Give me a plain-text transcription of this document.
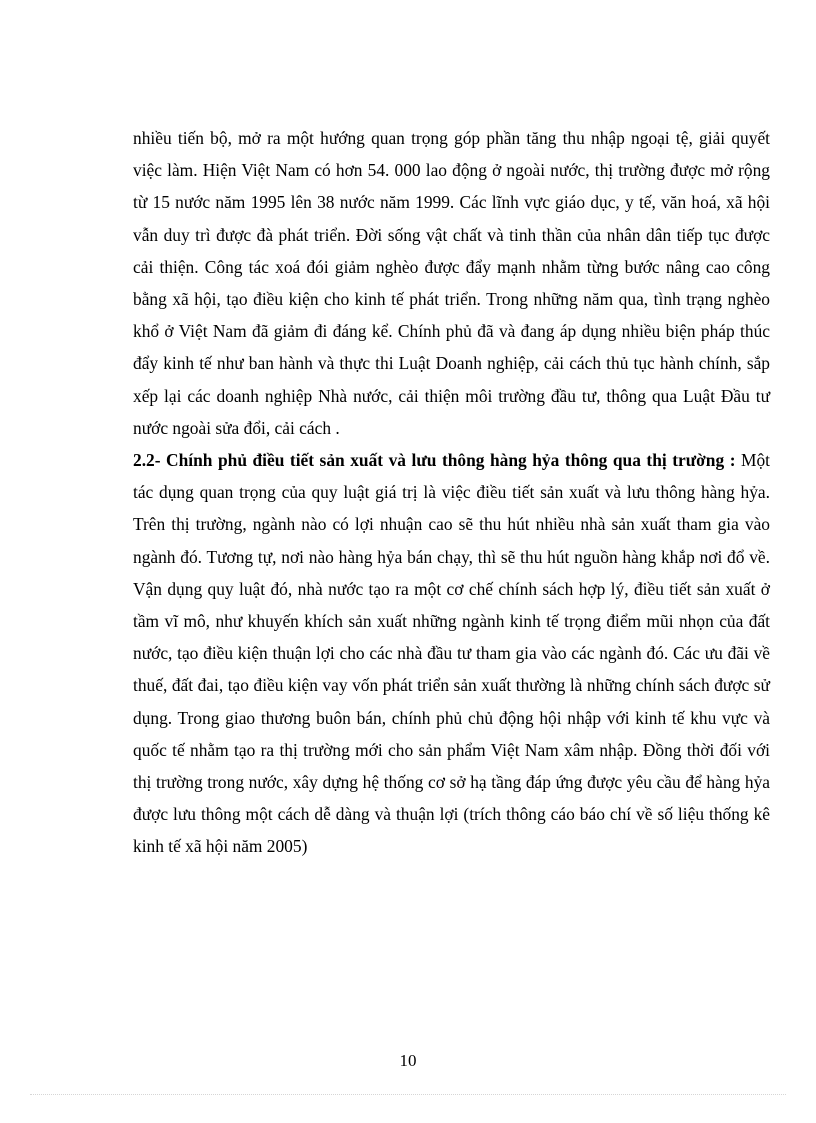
nhiều tiến bộ, mở ra một hướng quan trọng góp phần tăng thu nhập ngoại tệ, giải quyết việc làm. Hiện Việt Nam có hơn 54. 000 lao động ở ngoài nước, thị trường được mở rộng từ 15 nước năm 1995 lên 38 nước năm 1999. Các lĩnh vực giáo dục, y tế, văn hoá, xã hội vẫn duy trì được đà phát triển. Đời sống vật chất và tinh thần của nhân dân tiếp tục được cải thiện. Công tác xoá đói giảm nghèo được đẩy mạnh nhằm từng bước nâng cao công bằng xã hội, tạo điều kiện cho kinh tế phát triển. Trong những năm qua, tình trạng nghèo khổ ở Việt Nam đã giảm đi đáng kể. Chính phủ đã và đang áp dụng nhiều biện pháp thúc đẩy kinh tế như ban hành và thực thi Luật Doanh nghiệp, cải cách thủ tục hành chính, sắp xếp lại các doanh nghiệp Nhà nước, cải thiện môi trường đầu tư, thông qua Luật Đầu tư nước ngoài sửa đổi, cải cách .

2.2- Chính phủ điều tiết sản xuất và lưu thông hàng hỷa thông qua thị trường : Một tác dụng quan trọng của quy luật giá trị là việc điều tiết sản xuất và lưu thông hàng hỷa. Trên thị trường, ngành nào có lợi nhuận cao sẽ thu hút nhiều nhà sản xuất tham gia vào ngành đó. Tương tự, nơi nào hàng hỷa bán chạy, thì sẽ thu hút nguồn hàng khắp nơi đổ về. Vận dụng quy luật đó, nhà nước tạo ra một cơ chế chính sách hợp lý, điều tiết sản xuất ở tầm vĩ mô, như khuyến khích sản xuất những ngành kinh tế trọng điểm mũi nhọn của đất nước, tạo điều kiện thuận lợi cho các nhà đầu tư tham gia vào các ngành đó. Các ưu đãi về thuế, đất đai, tạo điều kiện vay vốn phát triển sản xuất thường là những chính sách được sử dụng. Trong giao thương buôn bán, chính phủ chủ động hội nhập với kinh tế khu vực và quốc tế nhằm tạo ra thị trường mới cho sản phẩm Việt Nam xâm nhập. Đồng thời đối với thị trường trong nước, xây dựng hệ thống cơ sở hạ tầng đáp ứng được yêu cầu để hàng hỷa được lưu thông một cách dễ dàng và thuận lợi (trích thông cáo báo chí về số liệu thống kê kinh tế xã hội năm 2005)

10
